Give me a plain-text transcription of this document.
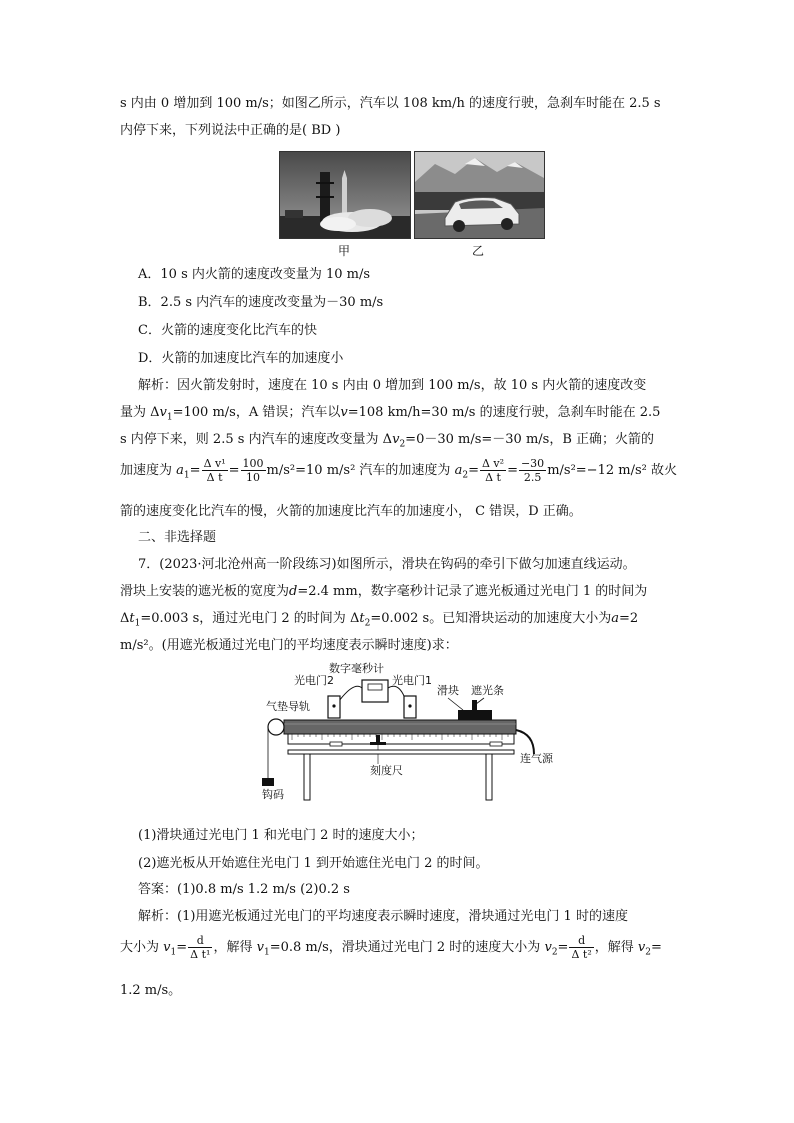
s 内由 0 增加到 100 m/s；如图乙所示，汽车以 108 km/h 的速度行驶，急刹车时能在 2.5 s
内停下来，下列说法中正确的是( BD )
甲	乙
A．10 s 内火箭的速度改变量为 10 m/s
B．2.5 s 内汽车的速度改变量为－30 m/s
C．火箭的速度变化比汽车的快
D．火箭的加速度比汽车的加速度小
解析：因火箭发射时，速度在 10 s 内由 0 增加到 100 m/s，故 10 s 内火箭的速度改变
量为 $\Delta v_1=100$ m/s，A 错误；汽车以v=108 km/h=30 m/s 的速度行驶，急刹车时能在 2.5
s 内停下来，则 2.5 s 内汽车的速度改变量为 $\Delta v_2=0-30$ m/s=－30 m/s，B 正确；火箭的
加速度为 $a_1= \frac{\text{Δ v¹}}{\text{Δ t}} = \frac{100}{10} m/s^2=10$ m/s² 汽车的加速度为 $a_2= \frac{\text{Δ v²}}{\text{Δ t}} = \frac{-30}{2.5} m/s^2=-12$ m/s² 故火
箭的速度变化比汽车的慢，火箭的加速度比汽车的加速度小， C 错误，D 正确。
二、非选择题
7．(2023·河北沧州高一阶段练习)如图所示，滑块在钩码的牵引下做匀加速直线运动。
滑块上安装的遮光板的宽度为d=2.4 mm，数字毫秒计记录了遮光板通过光电门 1 的时间为
$\Delta t_1=0.003$ s，通过光电门 2 的时间为 $\Delta t_2=0.002$ s。已知滑块运动的加速度大小为a=2
m/s²。(用遮光板通过光电门的平均速度表示瞬时速度)求：
数字毫秒计
光电门2	光电门1
滑块 遮光条
气垫导轨
刻度尺
连气源
钩码
(1)滑块通过光电门 1 和光电门 2 时的速度大小；
(2)遮光板从开始遮住光电门 1 到开始遮住光电门 2 的时间。
答案：(1)0.8 m/s 1.2 m/s (2)0.2 s
解析：(1)用遮光板通过光电门的平均速度表示瞬时速度，滑块通过光电门 1 时的速度
大小为 $v_1= \frac{d}{\text{Δ t¹}}$ ，解得 $v_1=0.8$ m/s，滑块通过光电门 2 时的速度大小为 $v_2= \frac{d}{\text{Δ t²}}$ ，解得 $v_2=$
1.2 m/s。
